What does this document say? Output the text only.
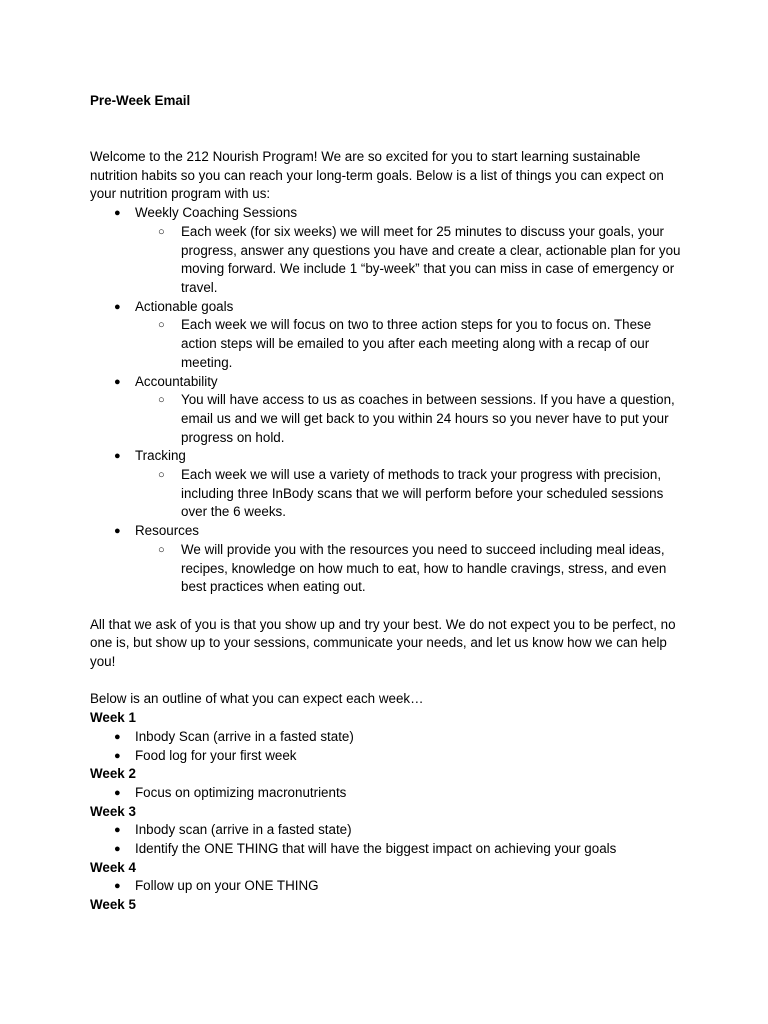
Pre-Week Email

Welcome to the 212 Nourish Program! We are so excited for you to start learning sustainable nutrition habits so you can reach your long-term goals. Below is a list of things you can expect on your nutrition program with us:

● Weekly Coaching Sessions
○ Each week (for six weeks) we will meet for 25 minutes to discuss your goals, your progress, answer any questions you have and create a clear, actionable plan for you moving forward. We include 1 “by-week” that you can miss in case of emergency or travel.
● Actionable goals
○ Each week we will focus on two to three action steps for you to focus on. These action steps will be emailed to you after each meeting along with a recap of our meeting.
● Accountability
○ You will have access to us as coaches in between sessions. If you have a question, email us and we will get back to you within 24 hours so you never have to put your progress on hold.
● Tracking
○ Each week we will use a variety of methods to track your progress with precision, including three InBody scans that we will perform before your scheduled sessions over the 6 weeks.
● Resources
○ We will provide you with the resources you need to succeed including meal ideas, recipes, knowledge on how much to eat, how to handle cravings, stress, and even best practices when eating out.

All that we ask of you is that you show up and try your best. We do not expect you to be perfect, no one is, but show up to your sessions, communicate your needs, and let us know how we can help you!

Below is an outline of what you can expect each week…

Week 1

● Inbody Scan (arrive in a fasted state)
● Food log for your first week

Week 2

● Focus on optimizing macronutrients

Week 3

● Inbody scan (arrive in a fasted state)
● Identify the ONE THING that will have the biggest impact on achieving your goals

Week 4

● Follow up on your ONE THING

Week 5
